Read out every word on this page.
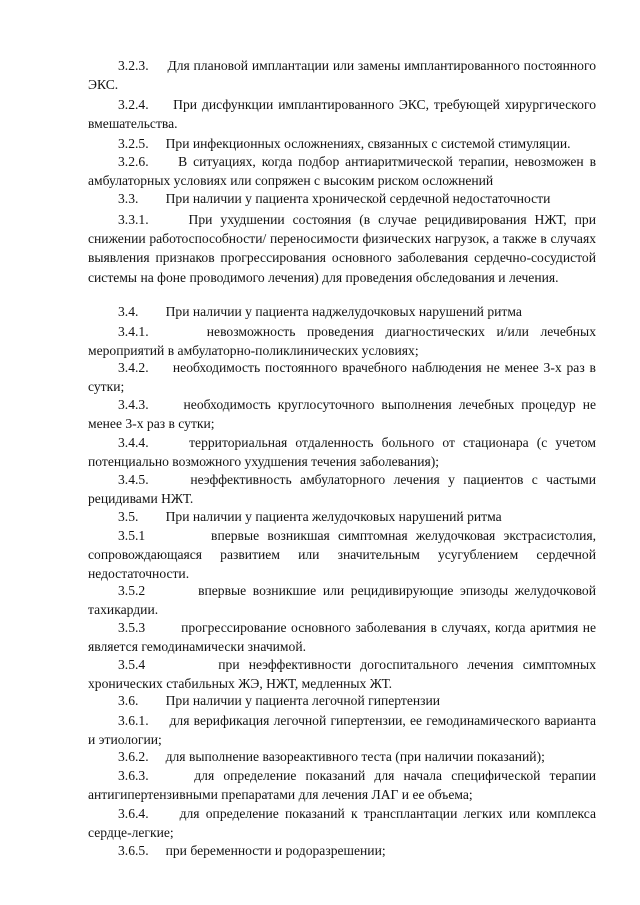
3.2.3. Для плановой имплантации или замены имплантированного постоянного ЭКС.

3.2.4. При дисфункции имплантированного ЭКС, требующей хирургического вмешательства.

3.2.5. При инфекционных осложнениях, связанных с системой стимуляции.

3.2.6. В ситуациях, когда подбор антиаритмической терапии, невозможен в амбулаторных условиях или сопряжен с высоким риском осложнений

3.3. При наличии у пациента хронической сердечной недостаточности

3.3.1.	При ухудшении состояния (в случае рецидивирования НЖТ, при снижении работоспособности/ переносимости физических нагрузок, а также в случаях выявления признаков прогрессирования основного заболевания сердечно-сосудистой системы на фоне проводимого лечения) для проведения обследования и лечения.

3.4. При наличии у пациента наджелудочковых нарушений ритма

3.4.1.	невозможность проведения диагностических и/или лечебных мероприятий в амбулаторно-поликлинических условиях;

3.4.2. необходимость постоянного врачебного наблюдения не менее 3-х раз в сутки;

3.4.3.	необходимость круглосуточного выполнения лечебных процедур не менее 3-х раз в сутки;

3.4.4.	территориальная отдаленность больного от стационара (с учетом потенциально возможного ухудшения течения заболевания);

3.4.5.	неэффективность амбулаторного лечения у пациентов с частыми рецидивами НЖТ.

3.5. При наличии у пациента желудочковых нарушений ритма

3.5.1	впервые возникшая симптомная желудочковая экстрасистолия, сопровождающаяся развитием или значительным усугублением сердечной недостаточности.

3.5.2	впервые возникшие или рецидивирующие эпизоды желудочковой тахикардии.

3.5.3	прогрессирование основного заболевания в случаях, когда аритмия не является гемодинамически значимой.

3.5.4	при неэффективности догоспитального лечения симптомных хронических стабильных ЖЭ, НЖТ, медленных ЖТ.

3.6. При наличии у пациента легочной гипертензии

3.6.1. для верификация легочной гипертензии, ее гемодинамического варианта и этиологии;

3.6.2. для выполнение вазореактивного теста (при наличии показаний);

3.6.3.	для определение показаний для начала специфической терапии антигипертензивными препаратами для лечения ЛАГ и ее объема;

3.6.4. для определение показаний к трансплантации легких или комплекса сердце-легкие;

3.6.5. при беременности и родоразрешении;
